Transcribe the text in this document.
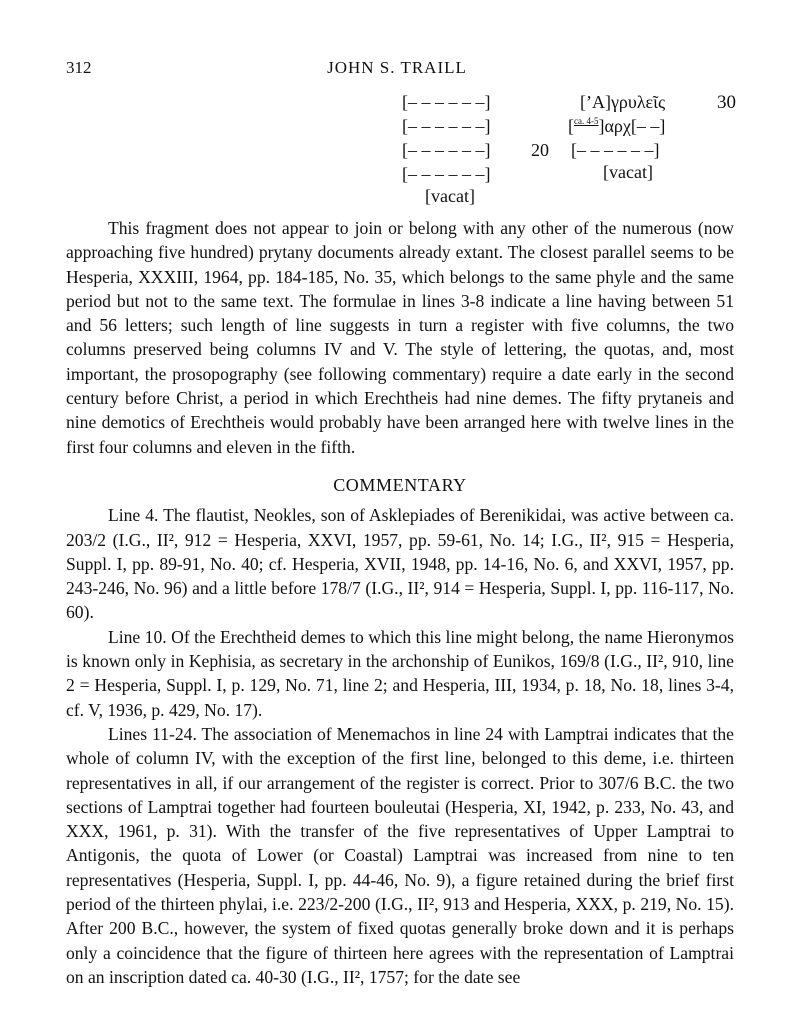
312	JOHN S. TRAILL
[– – – – – –]
[– – – – – –]
[– – – – – –]
[– – – – – –]
[vacat]
20
[’Α]γρυλεῖς
[$^{ca. 4-5}$]αρχ[– –]
[– – – – – –]
[vacat]
30

This fragment does not appear to join or belong with any other of the numerous (now approaching five hundred) prytany documents already extant. The closest parallel seems to be Hesperia, XXXIII, 1964, pp. 184-185, No. 35, which belongs to the same phyle and the same period but not to the same text. The formulae in lines 3-8 indicate a line having between 51 and 56 letters; such length of line suggests in turn a register with five columns, the two columns preserved being columns IV and V. The style of lettering, the quotas, and, most important, the prosopography (see following commentary) require a date early in the second century before Christ, a period in which Erechtheis had nine demes. The fifty prytaneis and nine demotics of Erechtheis would probably have been arranged here with twelve lines in the first four columns and eleven in the fifth.

COMMENTARY

Line 4. The flautist, Neokles, son of Asklepiades of Berenikidai, was active between ca. 203/2 (I.G., II², 912 = Hesperia, XXVI, 1957, pp. 59-61, No. 14; I.G., II², 915 = Hesperia, Suppl. I, pp. 89-91, No. 40; cf. Hesperia, XVII, 1948, pp. 14-16, No. 6, and XXVI, 1957, pp. 243-246, No. 96) and a little before 178/7 (I.G., II², 914 = Hesperia, Suppl. I, pp. 116-117, No. 60).

Line 10. Of the Erechtheid demes to which this line might belong, the name Hieronymos is known only in Kephisia, as secretary in the archonship of Eunikos, 169/8 (I.G., II², 910, line 2 = Hesperia, Suppl. I, p. 129, No. 71, line 2; and Hesperia, III, 1934, p. 18, No. 18, lines 3-4, cf. V, 1936, p. 429, No. 17).

Lines 11-24. The association of Menemachos in line 24 with Lamptrai indicates that the whole of column IV, with the exception of the first line, belonged to this deme, i.e. thirteen representatives in all, if our arrangement of the register is correct. Prior to 307/6 B.C. the two sections of Lamptrai together had fourteen bouleutai (Hesperia, XI, 1942, p. 233, No. 43, and XXX, 1961, p. 31). With the transfer of the five representatives of Upper Lamptrai to Antigonis, the quota of Lower (or Coastal) Lamptrai was increased from nine to ten representatives (Hesperia, Suppl. I, pp. 44-46, No. 9), a figure retained during the brief first period of the thirteen phylai, i.e. 223/2-200 (I.G., II², 913 and Hesperia, XXX, p. 219, No. 15). After 200 B.C., however, the system of fixed quotas generally broke down and it is perhaps only a coincidence that the figure of thirteen here agrees with the representation of Lamptrai on an inscription dated ca. 40-30 (I.G., II², 1757; for the date see
